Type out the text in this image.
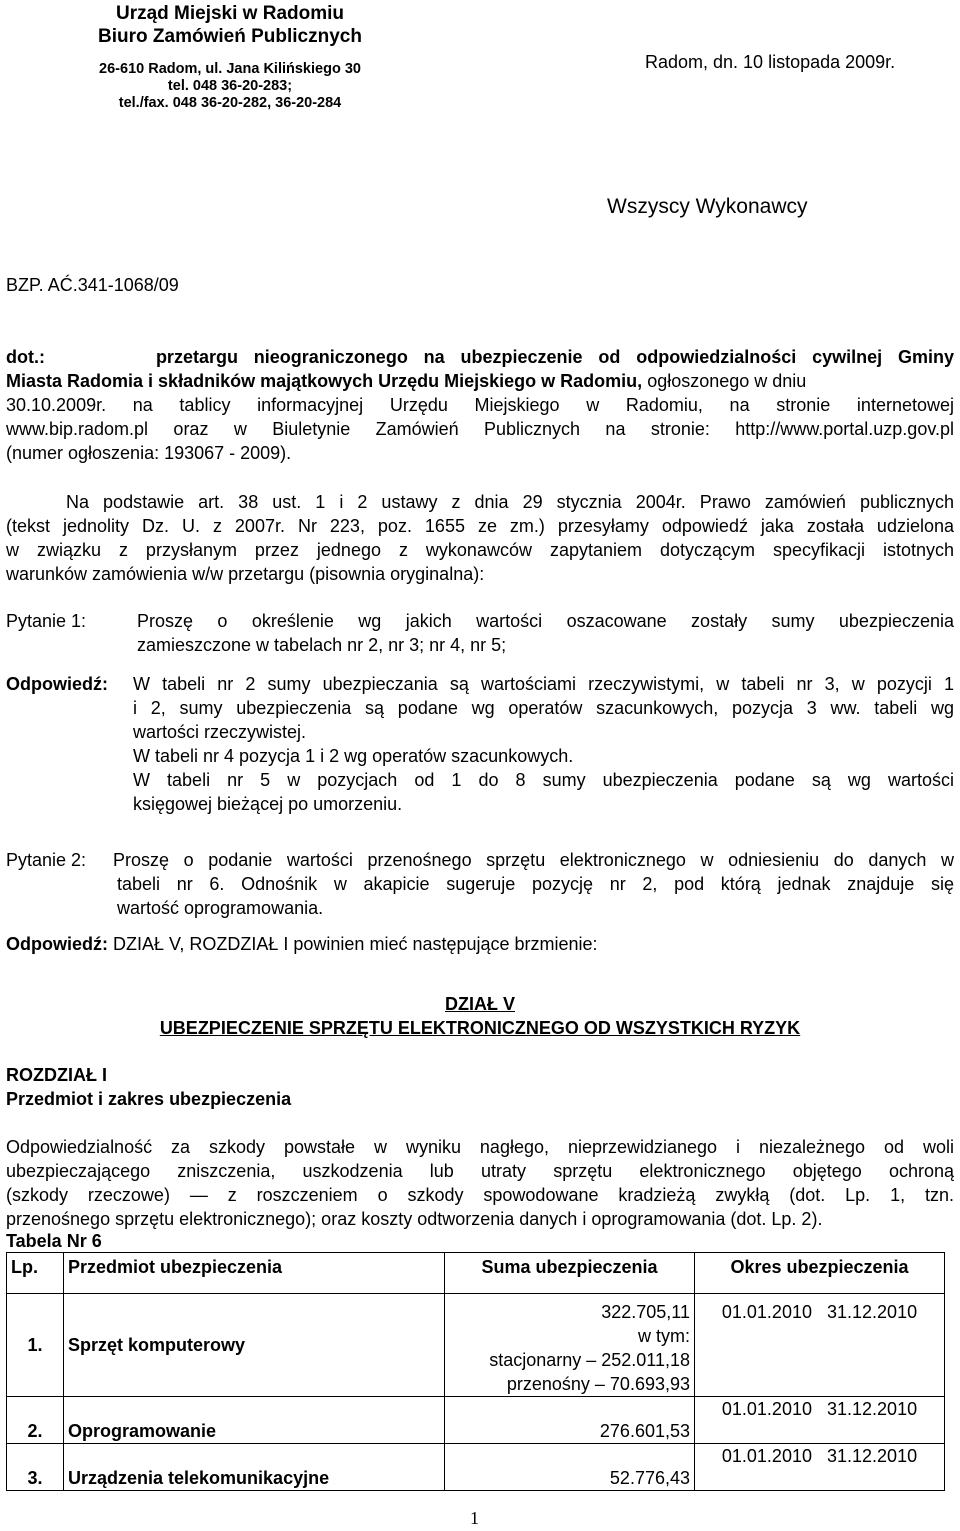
Urząd Miejski w Radomiu
Biuro Zamówień Publicznych
26-610 Radom, ul. Jana Kilińskiego 30
tel. 048 36-20-283;
tel./fax. 048 36-20-282, 36-20-284
Radom, dn. 10 listopada 2009r.
Wszyscy Wykonawcy
BZP. AĆ.341-1068/09
dot.:	przetargu nieograniczonego na ubezpieczenie od odpowiedzialności cywilnej Gminy
Miasta Radomia i składników majątkowych Urzędu Miejskiego w Radomiu, ogłoszonego w dniu
30.10.2009r. na tablicy informacyjnej Urzędu Miejskiego w Radomiu, na stronie internetowej
www.bip.radom.pl oraz w Biuletynie Zamówień Publicznych na stronie: http://www.portal.uzp.gov.pl
(numer ogłoszenia: 193067 - 2009).
Na podstawie art. 38 ust. 1 i 2 ustawy z dnia 29 stycznia 2004r. Prawo zamówień publicznych
(tekst jednolity Dz. U. z 2007r. Nr 223, poz. 1655 ze zm.) przesyłamy odpowiedź jaka została udzielona
w związku z przysłanym przez jednego z wykonawców zapytaniem dotyczącym specyfikacji istotnych
warunków zamówienia w/w przetargu (pisownia oryginalna):
Pytanie 1:	Proszę o określenie wg jakich wartości oszacowane zostały sumy ubezpieczenia
zamieszczone w tabelach nr 2, nr 3; nr 4, nr 5;
Odpowiedź: W tabeli nr 2 sumy ubezpieczania są wartościami rzeczywistymi, w tabeli nr 3, w pozycji 1
i 2, sumy ubezpieczenia są podane wg operatów szacunkowych, pozycja 3 ww. tabeli wg
wartości rzeczywistej.
W tabeli nr 4 pozycja 1 i 2 wg operatów szacunkowych.
W tabeli nr 5 w pozycjach od 1 do 8 sumy ubezpieczenia podane są wg wartości
księgowej bieżącej po umorzeniu.
Pytanie 2: Proszę o podanie wartości przenośnego sprzętu elektronicznego w odniesieniu do danych w
tabeli nr 6. Odnośnik w akapicie sugeruje pozycję nr 2, pod którą jednak znajduje się
wartość oprogramowania.
Odpowiedź: DZIAŁ V, ROZDZIAŁ I powinien mieć następujące brzmienie:
DZIAŁ V
UBEZPIECZENIE SPRZĘTU ELEKTRONICZNEGO OD WSZYSTKICH RYZYK
ROZDZIAŁ I
Przedmiot i zakres ubezpieczenia
Odpowiedzialność za szkody powstałe w wyniku nagłego, nieprzewidzianego i niezależnego od woli
ubezpieczającego zniszczenia, uszkodzenia lub utraty sprzętu elektronicznego objętego ochroną
(szkody rzeczowe) — z roszczeniem o szkody spowodowane kradzieżą zwykłą (dot. Lp. 1, tzn.
przenośnego sprzętu elektronicznego); oraz koszty odtworzenia danych i oprogramowania (dot. Lp. 2).
Tabela Nr 6
Lp.	Przedmiot ubezpieczenia	Suma ubezpieczenia	Okres ubezpieczenia
1.	Sprzęt komputerowy	322.705,11
w tym:
stacjonarny – 252.011,18
przenośny – 70.693,93	01.01.2010 31.12.2010
2.	Oprogramowanie	276.601,53	01.01.2010 31.12.2010
3.	Urządzenia telekomunikacyjne	52.776,43	01.01.2010 31.12.2010
1
